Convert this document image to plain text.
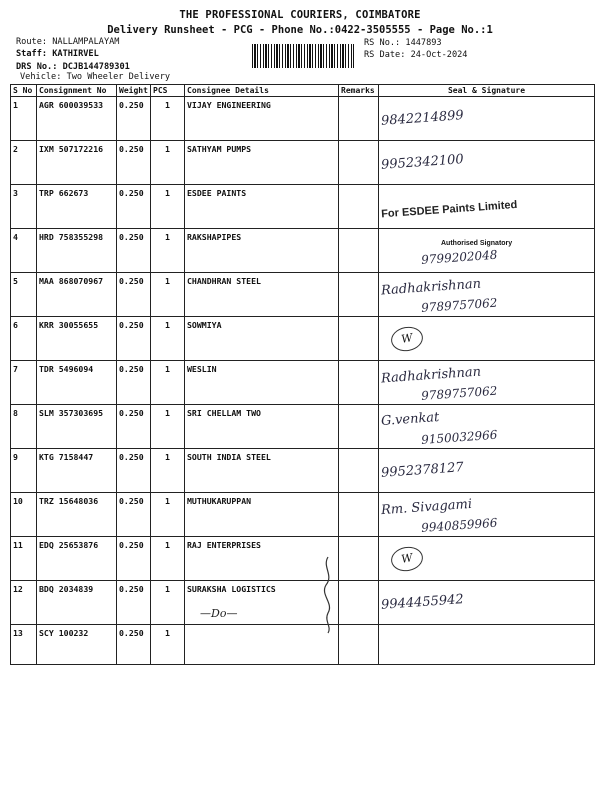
THE PROFESSIONAL COURIERS, COIMBATORE
Delivery Runsheet - PCG - Phone No.:0422-3505555 - Page No.:1
Route: NALLAMPALAYAM
Staff: KATHIRVEL
DRS No.: DCJB144789301
Vehicle: Two Wheeler Delivery
RS No.: 1447893
RS Date: 24-Oct-2024
S No	Consignment No	Weight	PCS	Consignee Details	Remarks	Seal & Signature
1	AGR 600039533	0.250	1	VIJAY ENGINEERING		9842214899
2	IXM 507172216	0.250	1	SATHYAM PUMPS		9952342100
3	TRP 662673	0.250	1	ESDEE PAINTS		For ESDEE Paints Limited

4	HRD 758355298	0.250	1	RAKSHAPIPES		Authorised Signatory
9799202048

5	MAA 868070967	0.250	1	CHANDHRAN STEEL		Radhakrishnan
9789757062

6	KRR 30055655	0.250	1	SOWMIYA		W
7	TDR 5496094	0.250	1	WESLIN		Radhakrishnan
9789757062

8	SLM 357303695	0.250	1	SRI CHELLAM TWO		G.venkat
9150032966

9	KTG 7158447	0.250	1	SOUTH INDIA STEEL		9952378127
10	TRZ 15648036	0.250	1	MUTHUKARUPPAN		Rm. Sivagami
9940859966

11	EDQ 25653876	0.250	1	RAJ ENTERPRISES		W
12	BDQ 2034839	0.250	1	SURAKSHA LOGISTICS		9944455942
13	SCY 100232	0.250	1			
—Do—
